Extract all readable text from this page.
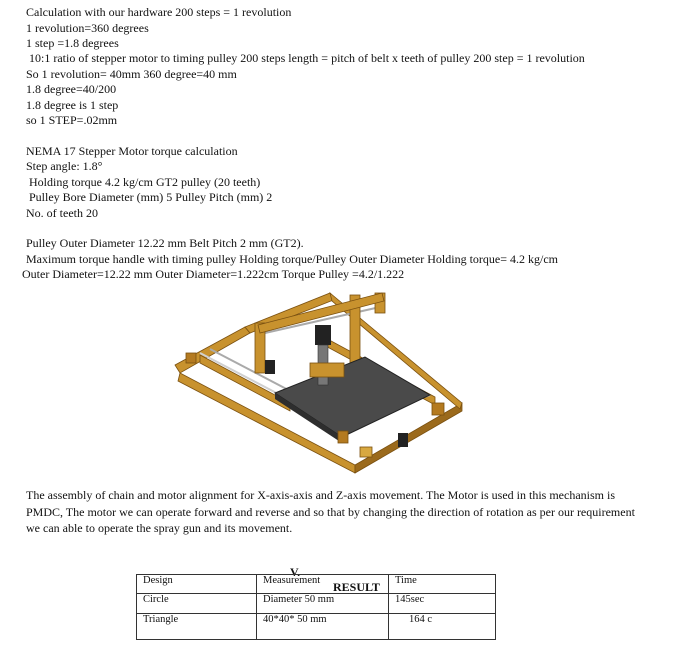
Calculation with our hardware 200 steps = 1 revolution
1 revolution=360 degrees
1 step =1.8 degrees
10:1 ratio of stepper motor to timing pulley 200 steps length = pitch of belt x teeth of pulley 200 step = 1 revolution
So 1 revolution= 40mm 360 degree=40 mm
1.8 degree=40/200
1.8 degree is 1 step
so 1 STEP=.02mm
NEMA 17 Stepper Motor torque calculation
Step angle: 1.8°
Holding torque 4.2 kg/cm GT2 pulley (20 teeth)
Pulley Bore Diameter (mm) 5 Pulley Pitch (mm) 2
No. of teeth 20
Pulley Outer Diameter 12.22 mm Belt Pitch 2 mm (GT2).
Maximum torque handle with timing pulley Holding torque/Pulley Outer Diameter Holding torque= 4.2 kg/cm
Outer Diameter=12.22 mm Outer Diameter=1.222cm Torque Pulley =4.2/1.222
The assembly of chain and motor alignment for X-axis-axis and Z-axis movement. The Motor is used in this mechanism is PMDC, The motor we can operate forward and reverse and so that by changing the direction of rotation as per our requirement we can able to operate the spray gun and its movement.

V.

RESULT

Design	Measurement	Time
Circle	Diameter 50 mm	145sec
Triangle	40*40* 50 mm	164 c
